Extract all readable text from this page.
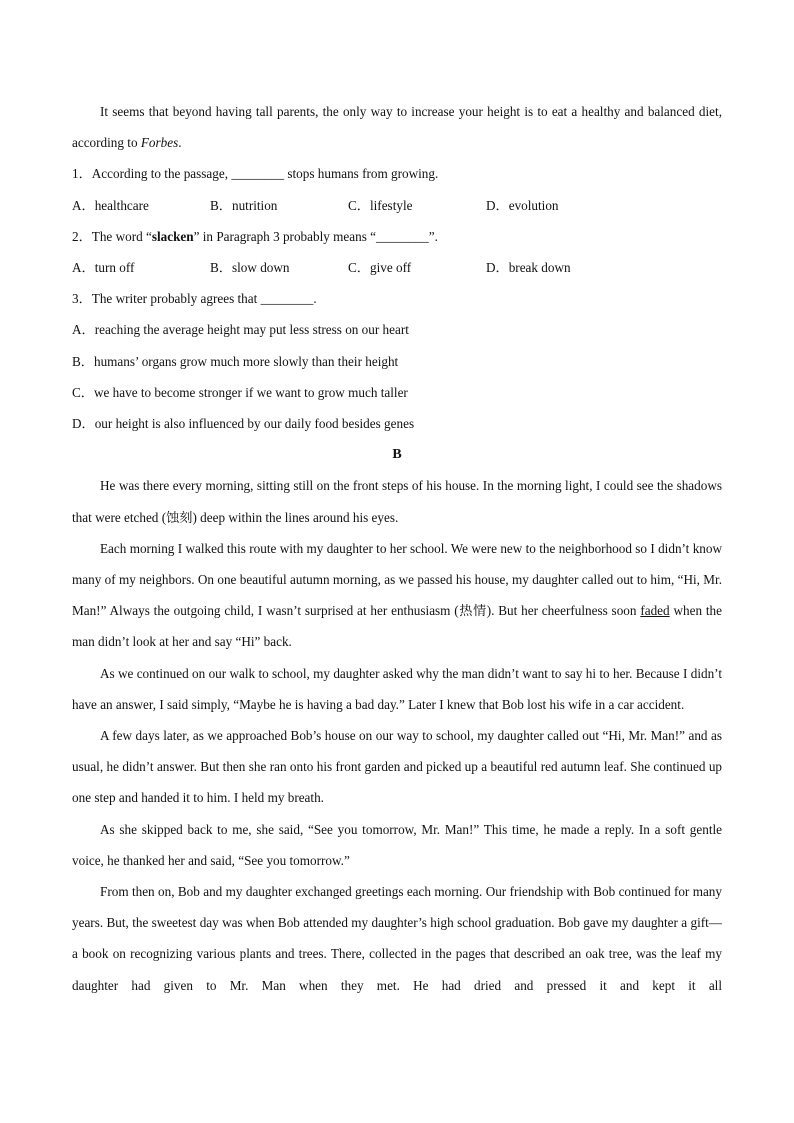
It seems that beyond having tall parents, the only way to increase your height is to eat a healthy and balanced diet, according to Forbes.

1．According to the passage, ________ stops humans from growing.

A．healthcare	B．nutrition	C．lifestyle	D．evolution

2．The word “slacken” in Paragraph 3 probably means “________”.

A．turn off	B．slow down	C．give off	D．break down

3．The writer probably agrees that ________.

A．reaching the average height may put less stress on our heart

B．humans’ organs grow much more slowly than their height

C．we have to become stronger if we want to grow much taller

D．our height is also influenced by our daily food besides genes

B

He was there every morning, sitting still on the front steps of his house. In the morning light, I could see the shadows that were etched (蚀刻) deep within the lines around his eyes.

Each morning I walked this route with my daughter to her school. We were new to the neighborhood so I didn’t know many of my neighbors. On one beautiful autumn morning, as we passed his house, my daughter called out to him, “Hi, Mr. Man!” Always the outgoing child, I wasn’t surprised at her enthusiasm (热情). But her cheerfulness soon faded when the man didn’t look at her and say “Hi” back.

As we continued on our walk to school, my daughter asked why the man didn’t want to say hi to her. Because I didn’t have an answer, I said simply, “Maybe he is having a bad day.” Later I knew that Bob lost his wife in a car accident.

A few days later, as we approached Bob’s house on our way to school, my daughter called out “Hi, Mr. Man!” and as usual, he didn’t answer. But then she ran onto his front garden and picked up a beautiful red autumn leaf. She continued up one step and handed it to him. I held my breath.

As she skipped back to me, she said, “See you tomorrow, Mr. Man!” This time, he made a reply. In a soft gentle voice, he thanked her and said, “See you tomorrow.”

From then on, Bob and my daughter exchanged greetings each morning. Our friendship with Bob continued for many years. But, the sweetest day was when Bob attended my daughter’s high school graduation. Bob gave my daughter a gift—a book on recognizing various plants and trees. There, collected in the pages that described an oak tree, was the leaf my daughter had given to Mr. Man when they met. He had dried and pressed it and kept it all
